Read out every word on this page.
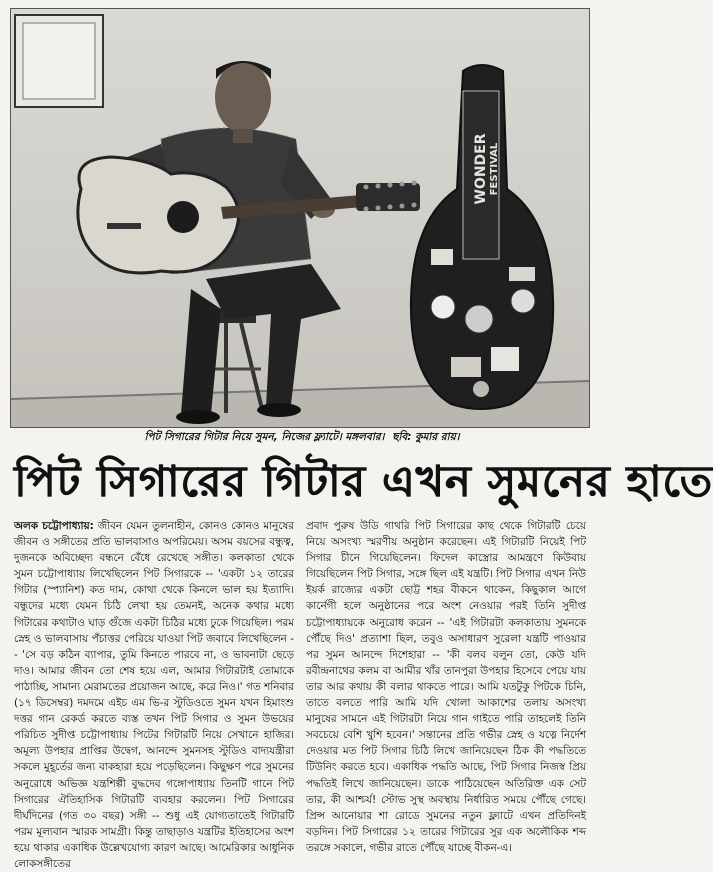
WONDER FESTIVAL
পিট সিগারের গিটার নিয়ে সুমন, নিজের ফ্ল্যাটে। মঙ্গলবার। ছবি: কুমার রায়।
পিট সিগারের গিটার এখন সুমনের হাতে

অলক চট্টোপাধ্যায়: জীবন যেমন তুলনাহীন, কোনও কোনও মানুষের জীবন ও সঙ্গীতের প্রতি ভালবাসাও অপরিমেয়। অসম বয়সের বন্ধুত্ব, দুজনকে অবিচ্ছেদ্য বন্ধনে বেঁধে রেখেছে সঙ্গীত। কলকাতা থেকে সুমন চট্টোপাধ্যায় লিখেছিলেন পিট সিগারকে -- 'একটা ১২ তারের গিটার (স্প্যানিশ) কত দাম, কোথা থেকে কিনলে ভাল হয় ইত্যাদি। বন্ধুদের মধ্যে যেমন চিঠি লেখা হয় তেমনই, অনেক কথার মধ্যে গিটারের কথাটাও ঘাড় গুঁজে একটা চিঠির মধ্যে ঢুকে গিয়েছিল। পরম স্নেহ ও ভালবাসায় পঁচাত্তর পেরিয়ে যাওয়া পিট জবাবে লিখেছিলেন -- 'সে বড় কঠিন ব্যাপার, তুমি কিনতে পারবে না, ও ভাবনাটা ছেড়ে দাও। আমার জীবন তো শেষ হয়ে এল, আমার গিটারটাই তোমাকে পাঠাচ্ছি, সামান্য মেরামতের প্রয়োজন আছে, করে নিও।' গত শনিবার (১৭ ডিসেম্বর) দমদমে এইচ এম ভি-র স্টুডিওতে সুমন যখন হিমাংশু দত্তর গান রেকর্ড করতে ব্যস্ত তখন পিট সিগার ও সুমন উভয়ের পরিচিত সুদীপ্ত চট্টোপাধ্যায় পিটের গিটারটি নিয়ে সেখানে হাজির। অমূল্য উপহার প্রাপ্তির উদ্বেগ, আনন্দে সুমনসহ স্টুডিও বাদ্যযন্ত্রীরা সকলে মুহূর্তের জন্য বাকহারা হয়ে পড়েছিলেন। কিছুক্ষণ পরে সুমনের অনুরোধে অভিজ্ঞ যন্ত্রশিল্পী বুদ্ধদেব গঙ্গোপাধ্যায় তিনটি গানে পিট সিগারের ঐতিহাসিক গিটারটি ব্যবহার করলেন। পিট সিগারের দীর্ঘদিনের (গত ৩০ বছর) সঙ্গী -- শুধু এই যোগ্যতাতেই গিটারটি পরম মূল্যবান স্মারক সামগ্রী। কিন্তু তাছাড়াও যন্ত্রটির ইতিহাসের অংশ হয়ে থাকার একাধিক উল্লেখযোগ্য কারণ আছে। আমেরিকার আধুনিক লোকসঙ্গীতের

প্রবাদ পুরুষ উডি গাথরি পিট সিগারের কাছ থেকে গিটারটি চেয়ে নিয়ে অসংখ্য স্মরণীয় অনুষ্ঠান করেছেন। এই গিটারটি নিয়েই পিট সিগার চীনে গিয়েছিলেন। ফিদেল কাস্ত্রোর আমন্ত্রণে কিউবায় গিয়েছিলেন পিট সিগার, সঙ্গে ছিল এই যন্ত্রটি। পিট সিগার এখন নিউ ইয়র্ক রাজ্যের একটা ছোট্ট শহর বীকনে থাকেন, কিছুকাল আগে কার্নেগী হলে অনুষ্ঠানের পরে অংশ নেওয়ার পরই তিনি সুদীপ্ত চট্টোপাধ্যায়কে অনুরোধ করেন -- 'এই গিটারটা কলকাতায় সুমনকে পৌঁছে দিও' প্রত্যাশা ছিল, তবুও অসাধারণ সুরেলা যন্ত্রটি পাওয়ার পর সুমন আনন্দে দিশেহারা -- 'কী বলব বলুন তো, কেউ যদি রবীন্দ্রনাথের কলম বা আমীর খাঁর তানপুরা উপহার হিসেবে পেয়ে যায় তার আর কথায় কী বলার থাকতে পারে। আমি যতটুকু পিটকে চিনি, তাতে বলতে পারি আমি যদি খোলা আকাশের তলায় অসংখ্য মানুষের সামনে এই গিটারটা নিয়ে গান গাইতে পারি তাহলেই তিনি সবচেয়ে বেশি খুশি হবেন।' সন্তানের প্রতি গভীর স্নেহ ও যত্নে নির্দেশ দেওয়ার মত পিট সিগার চিঠি লিখে জানিয়েছেন ঠিক কী পদ্ধতিতে টিউনিং করতে হবে। একাধিক পদ্ধতি আছে, পিট সিগার নিজস্ব প্রিয় পদ্ধতিই লিখে জানিয়েছেন। ডাকে পাঠিয়েছেন অতিরিক্ত এক সেট তার, কী আশ্চর্য! স্টোভ সুস্থ অবস্থায় নির্ধারিত সময়ে পৌঁছে গেছে। প্রিন্স আনোয়ার শা রোডে সুমনের নতুন ফ্ল্যাটে এখন প্রতিদিনই বড়দিন। পিট সিগারের ১২ তারের গিটারের সুর এক অলৌকিক শব্দ তরঙ্গে সকালে, গভীর রাতে পৌঁছে যাচ্ছে বীকন-এ।
